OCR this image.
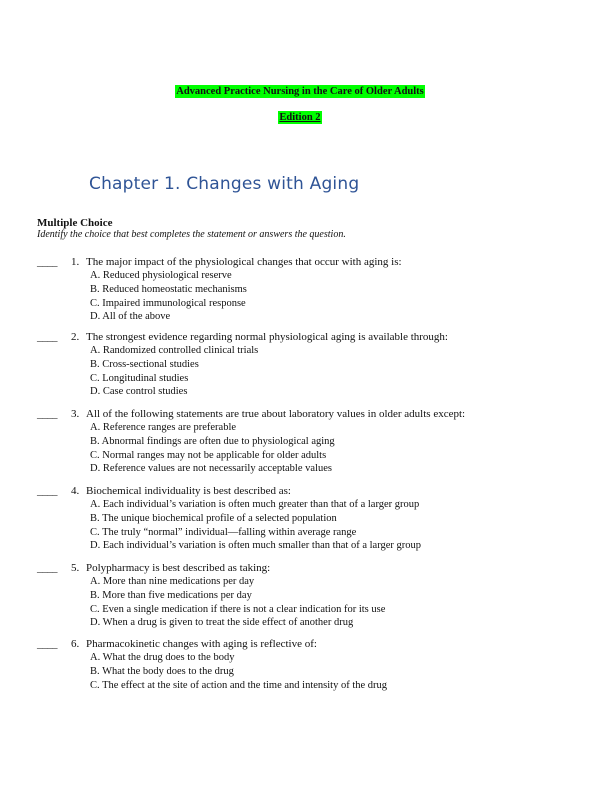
Advanced Practice Nursing in the Care of Older Adults
Edition 2
Chapter 1. Changes with Aging
Multiple Choice
Identify the choice that best completes the statement or answers the question.
____ 1. The major impact of the physiological changes that occur with aging is:
A. Reduced physiological reserve
B. Reduced homeostatic mechanisms
C. Impaired immunological response
D. All of the above
____ 2. The strongest evidence regarding normal physiological aging is available through:
A. Randomized controlled clinical trials
B. Cross-sectional studies
C. Longitudinal studies
D. Case control studies
____ 3. All of the following statements are true about laboratory values in older adults except:
A. Reference ranges are preferable
B. Abnormal findings are often due to physiological aging
C. Normal ranges may not be applicable for older adults
D. Reference values are not necessarily acceptable values
____ 4. Biochemical individuality is best described as:
A. Each individual’s variation is often much greater than that of a larger group
B. The unique biochemical profile of a selected population
C. The truly “normal” individual—falling within average range
D. Each individual’s variation is often much smaller than that of a larger group
____ 5. Polypharmacy is best described as taking:
A. More than nine medications per day
B. More than five medications per day
C. Even a single medication if there is not a clear indication for its use
D. When a drug is given to treat the side effect of another drug
____ 6. Pharmacokinetic changes with aging is reflective of:
A. What the drug does to the body
B. What the body does to the drug
C. The effect at the site of action and the time and intensity of the drug
